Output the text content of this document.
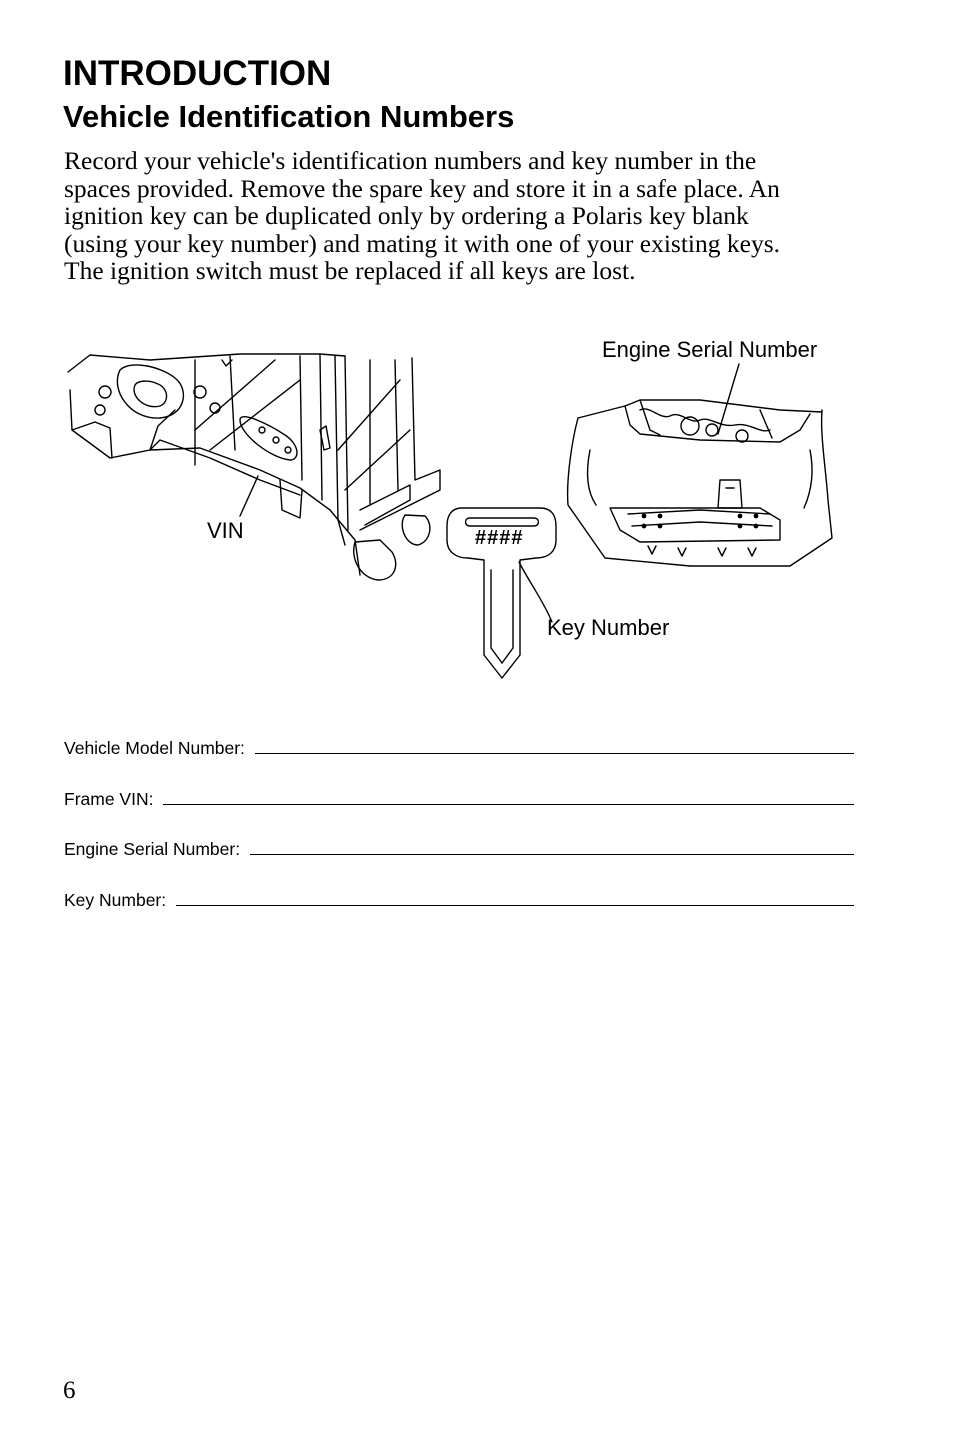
INTRODUCTION
Vehicle Identification Numbers

Record your vehicle's identification numbers and key number in the
spaces provided. Remove the spare key and store it in a safe place. An
ignition key can be duplicated only by ordering a Polaris key blank
(using your key number) and mating it with one of your existing keys.
The ignition switch must be replaced if all keys are lost.

Engine Serial Number
VIN
Key Number
####
Vehicle Model Number:
Frame VIN:
Engine Serial Number:
Key Number:
6
